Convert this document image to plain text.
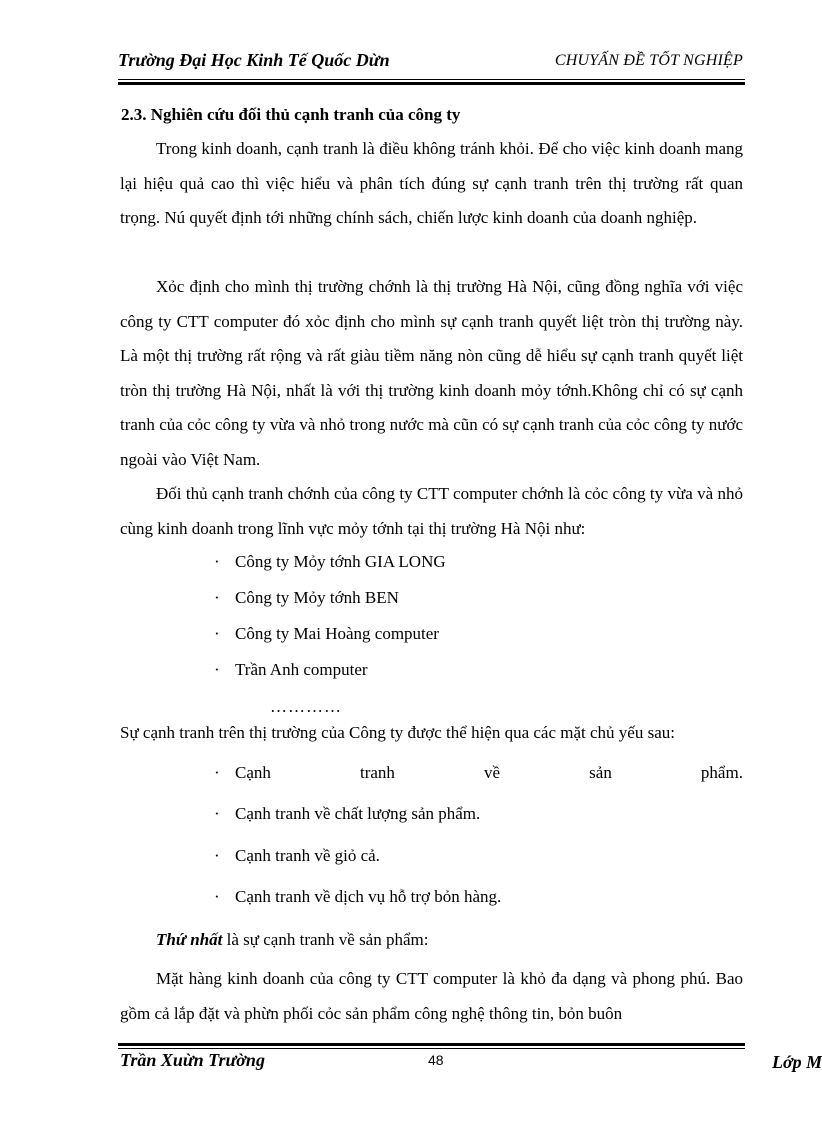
Trường Đại Học Kinh Tế Quốc Dừn	CHUYẤN ĐỀ TỐT NGHIỆP
2.3. Nghiên cứu đối thủ cạnh tranh của công ty

Trong kinh doanh, cạnh tranh là điều không tránh khỏi. Để cho việc kinh doanh mang lại hiệu quả cao thì việc hiểu và phân tích đúng sự cạnh tranh trên thị trường rất quan trọng. Nú quyết định tới những chính sách, chiến lược kinh doanh của doanh nghiệp.

Xỏc định cho mình thị trường chớnh là thị trường Hà Nội, cũng đồng nghĩa với việc công ty CTT computer đó xỏc định cho mình sự cạnh tranh quyết liệt tròn thị trường này. Là một thị trường rất rộng và rất giàu tiềm năng nòn cũng dễ hiểu sự cạnh tranh quyết liệt tròn thị trường Hà Nội, nhất là với thị trường kinh doanh mỏy tớnh.Không chỉ có sự cạnh tranh của cỏc công ty vừa và nhỏ trong nước mà cũn có sự cạnh tranh của cỏc công ty nước ngoài vào Việt Nam.

Đối thủ cạnh tranh chớnh của công ty CTT computer chớnh là cỏc công ty vừa và nhỏ cùng kinh doanh trong lĩnh vực mỏy tớnh tại thị trường Hà Nội như:

· Công ty Mỏy tớnh GIA LONG
· Công ty Mỏy tớnh BEN
· Công ty Mai Hoàng computer
· Trần Anh computer
…………
Sự cạnh tranh trên thị trường của Công ty được thể hiện qua các mặt chủ yếu sau:
· Cạnh	tranh	về	sản	phẩm.
· Cạnh tranh về chất lượng sản phẩm.
· Cạnh tranh về giỏ cả.
· Cạnh tranh về dịch vụ hỗ trợ bỏn hàng.
Thứ nhất là sự cạnh tranh về sản phẩm:

Mặt hàng kinh doanh của công ty CTT computer là khỏ đa dạng và phong phú. Bao gồm cả lắp đặt và phừn phối cỏc sản phẩm công nghệ thông tin, bỏn buôn

Trần Xuừn Trường	48	Lớp M
